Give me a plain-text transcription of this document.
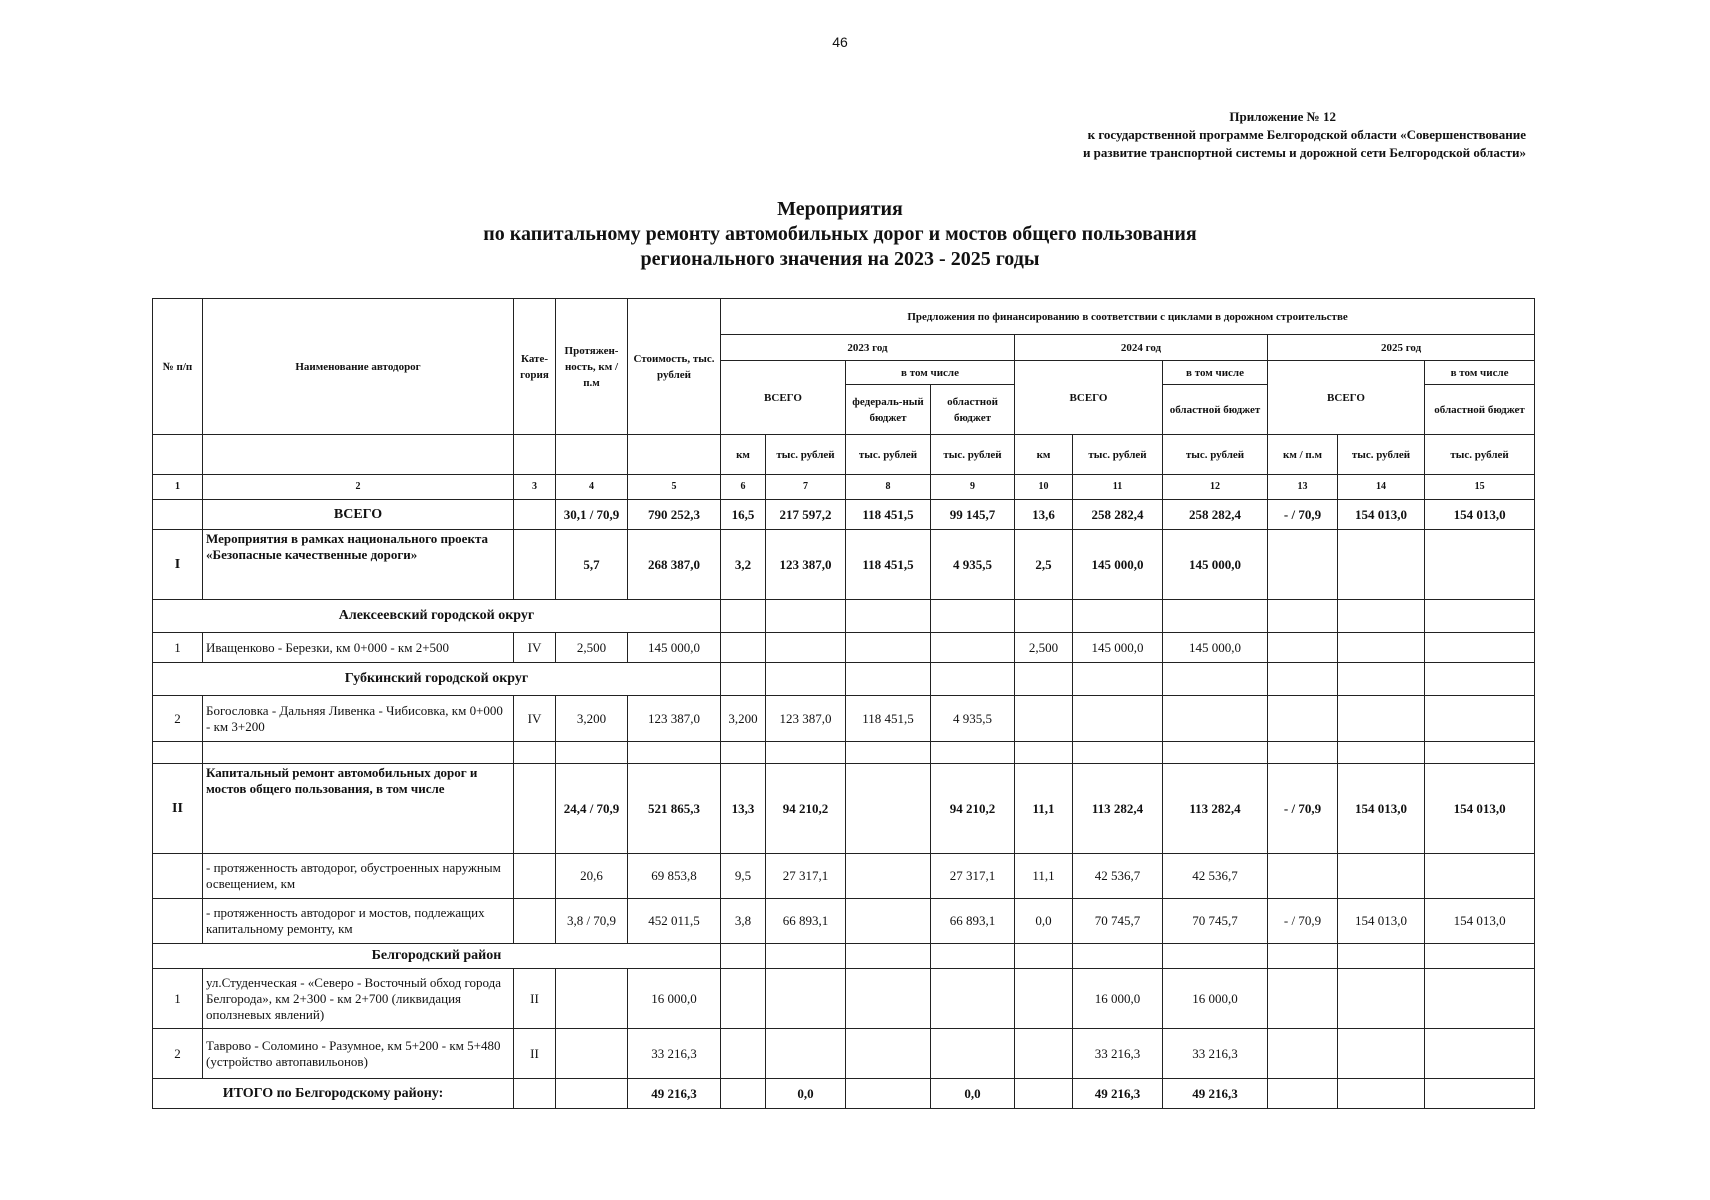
46
Приложение № 12
к государственной программе Белгородской области «Совершенствование
и развитие транспортной системы и дорожной сети Белгородской области»
Мероприятия
по капитальному ремонту автомобильных дорог и мостов общего пользования
регионального значения на 2023 - 2025 годы
№ п/п	Наименование автодорог	Кате-гория	Протяжен-ность, км / п.м	Стоимость, тыс. рублей	Предложения по финансированию в соответствии с циклами в дорожном строительстве									
					2023 год				2024 год			2025 год		
					ВСЕГО		в том числе		ВСЕГО		в том числе	ВСЕГО		в том числе
							федераль-ный бюджет	областной бюджет			областной бюджет			областной бюджет
					км	тыс. рублей	тыс. рублей	тыс. рублей	км	тыс. рублей	тыс. рублей	км / п.м	тыс. рублей	тыс. рублей
1	2	3	4	5	6	7	8	9	10	11	12	13	14	15
	ВСЕГО		30,1 / 70,9	790 252,3	16,5	217 597,2	118 451,5	99 145,7	13,6	258 282,4	258 282,4	- / 70,9	154 013,0	154 013,0
I	Мероприятия в рамках национального проекта «Безопасные качественные дороги»		5,7	268 387,0	3,2	123 387,0	118 451,5	4 935,5	2,5	145 000,0	145 000,0			
Алексеевский городской округ														
1	Иващенково - Березки, км 0+000 - км 2+500	IV	2,500	145 000,0					2,500	145 000,0	145 000,0			
Губкинский городской округ														
2	Богословка - Дальняя Ливенка - Чибисовка, км 0+000 - км 3+200	IV	3,200	123 387,0	3,200	123 387,0	118 451,5	4 935,5						

II	Капитальный ремонт автомобильных дорог и мостов общего пользования, в том числе		24,4 / 70,9	521 865,3	13,3	94 210,2		94 210,2	11,1	113 282,4	113 282,4	- / 70,9	154 013,0	154 013,0
	- протяженность автодорог, обустроенных наружным освещением, км		20,6	69 853,8	9,5	27 317,1		27 317,1	11,1	42 536,7	42 536,7			
	- протяженность автодорог и мостов, подлежащих капитальному ремонту, км		3,8 / 70,9	452 011,5	3,8	66 893,1		66 893,1	0,0	70 745,7	70 745,7	- / 70,9	154 013,0	154 013,0
Белгородский район														
1	ул.Студенческая - «Северо - Восточный обход города Белгорода», км 2+300 - км 2+700 (ликвидация оползневых явлений)	II		16 000,0						16 000,0	16 000,0			
2	Таврово - Соломино - Разумное, км 5+200 - км 5+480 (устройство автопавильонов)	II		33 216,3						33 216,3	33 216,3			
ИТОГО по Белгородскому району:				49 216,3		0,0		0,0		49 216,3	49 216,3			
